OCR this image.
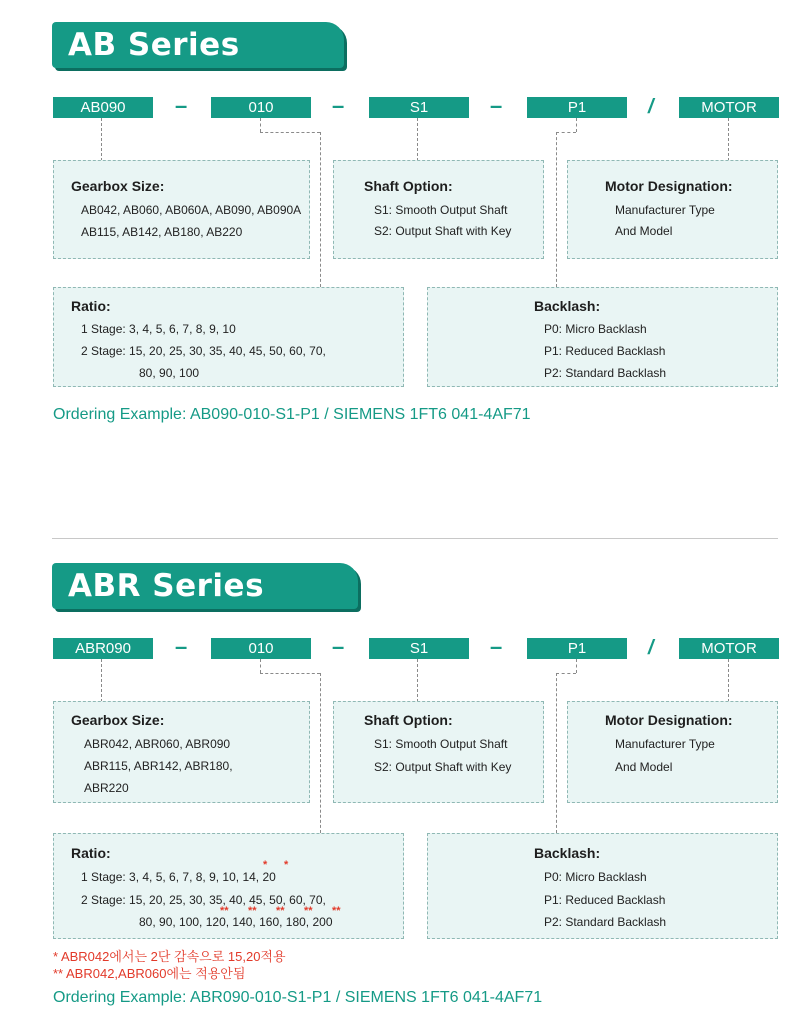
AB Series
AB090	–	010	–	S1	–	P1	/	MOTOR
Gearbox Size:
AB042, AB060, AB060A, AB090, AB090A
AB115, AB142, AB180, AB220
Shaft Option:
S1: Smooth Output Shaft
S2: Output Shaft with Key
Motor Designation:
Manufacturer Type
And Model
Ratio:
1 Stage: 3, 4, 5, 6, 7, 8, 9, 10
2 Stage: 15, 20, 25, 30, 35, 40, 45, 50, 60, 70,
80, 90, 100
Backlash:
P0: Micro Backlash
P1: Reduced Backlash
P2: Standard Backlash
Ordering Example: AB090-010-S1-P1 / SIEMENS 1FT6 041-4AF71
ABR Series
ABR090	–	010	–	S1	–	P1	/	MOTOR
Gearbox Size:
ABR042, ABR060, ABR090
ABR115, ABR142, ABR180,
ABR220
Shaft Option:
S1: Smooth Output Shaft
S2: Output Shaft with Key
Motor Designation:
Manufacturer Type
And Model
Ratio:
* *
1 Stage: 3, 4, 5, 6, 7, 8, 9, 10, 14, 20
2 Stage: 15, 20, 25, 30, 35, 40, 45, 50, 60, 70,
** ** ** ** **
80, 90, 100, 120, 140, 160, 180, 200
Backlash:
P0: Micro Backlash
P1: Reduced Backlash
P2: Standard Backlash
* ABR042에서는 2단 감속으로 15,20적용
** ABR042,ABR060에는 적용안됨
Ordering Example: ABR090-010-S1-P1 / SIEMENS 1FT6 041-4AF71
